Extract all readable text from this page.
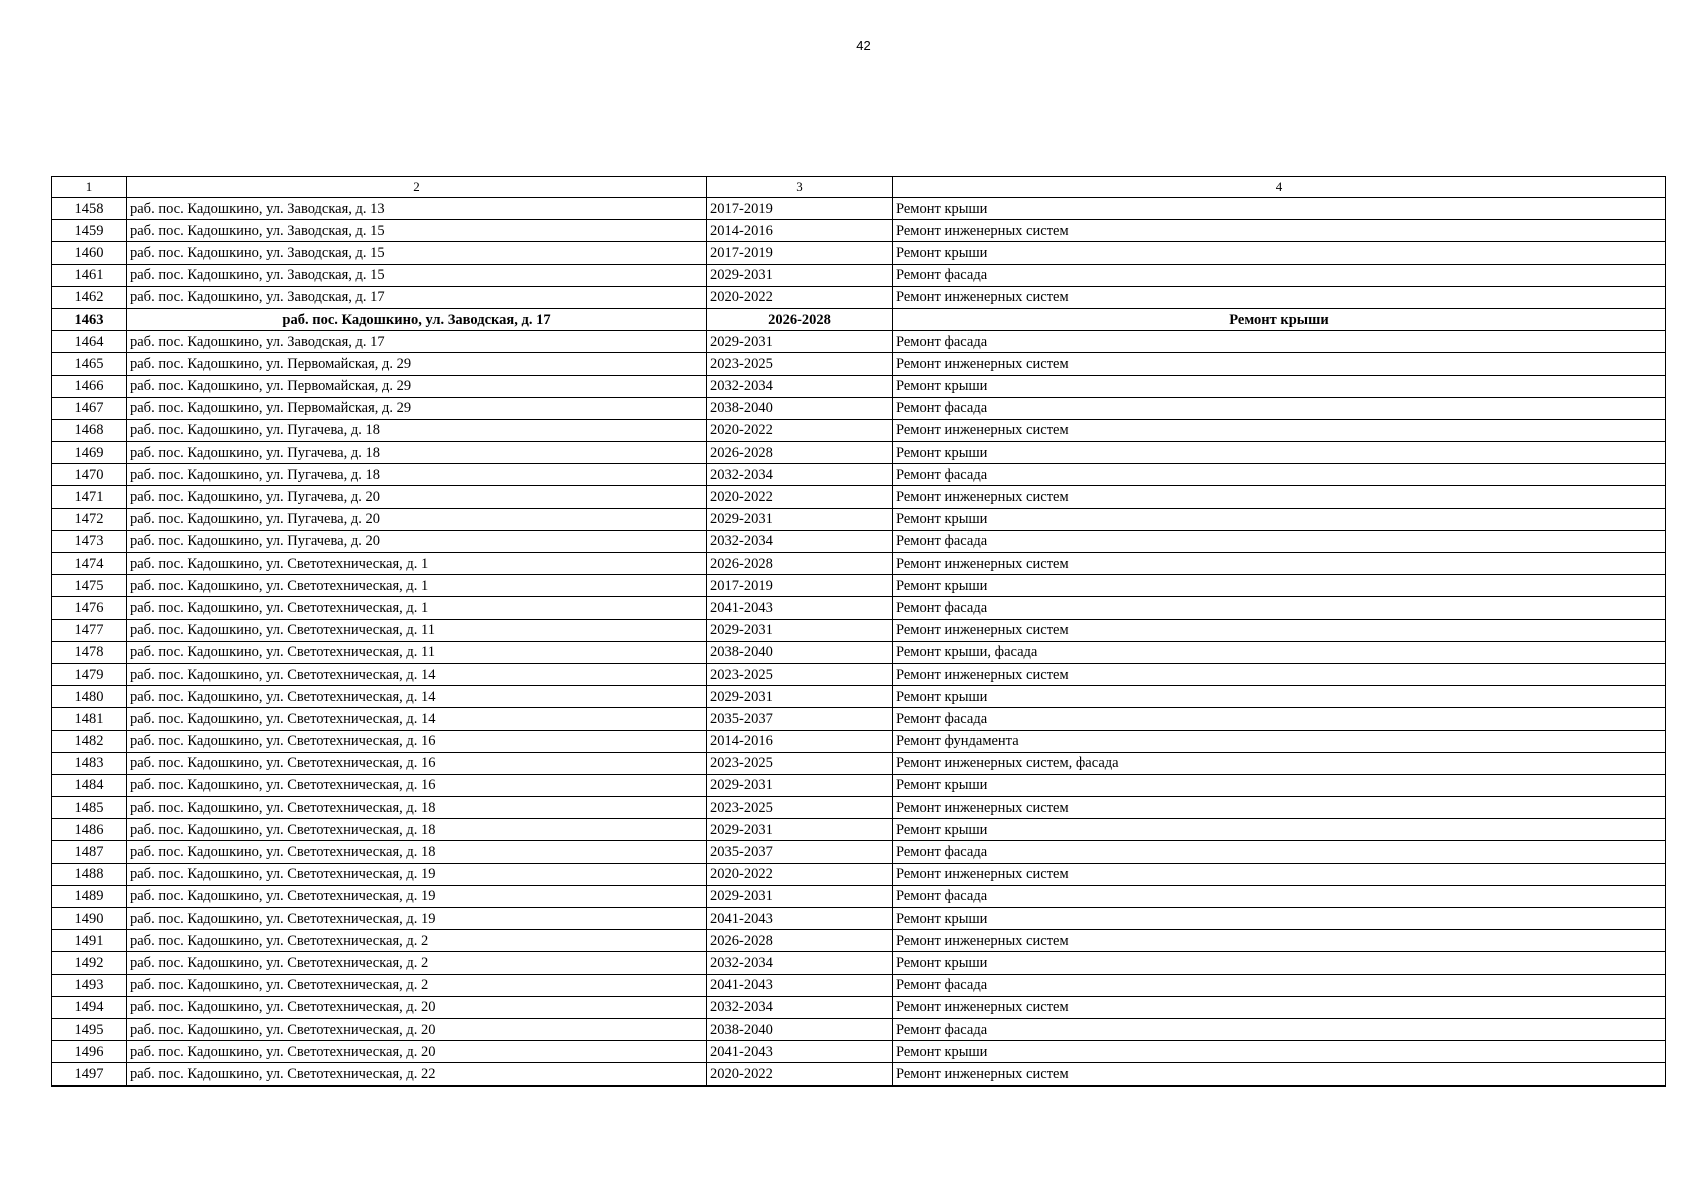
42
1	2	3	4
1458	раб. пос. Кадошкино, ул. Заводская, д. 13	2017-2019	Ремонт крыши
1459	раб. пос. Кадошкино, ул. Заводская, д. 15	2014-2016	Ремонт инженерных систем
1460	раб. пос. Кадошкино, ул. Заводская, д. 15	2017-2019	Ремонт крыши
1461	раб. пос. Кадошкино, ул. Заводская, д. 15	2029-2031	Ремонт фасада
1462	раб. пос. Кадошкино, ул. Заводская, д. 17	2020-2022	Ремонт инженерных систем
1463	раб. пос. Кадошкино, ул. Заводская, д. 17	2026-2028	Ремонт крыши
1464	раб. пос. Кадошкино, ул. Заводская, д. 17	2029-2031	Ремонт фасада
1465	раб. пос. Кадошкино, ул. Первомайская, д. 29	2023-2025	Ремонт инженерных систем
1466	раб. пос. Кадошкино, ул. Первомайская, д. 29	2032-2034	Ремонт крыши
1467	раб. пос. Кадошкино, ул. Первомайская, д. 29	2038-2040	Ремонт фасада
1468	раб. пос. Кадошкино, ул. Пугачева, д. 18	2020-2022	Ремонт инженерных систем
1469	раб. пос. Кадошкино, ул. Пугачева, д. 18	2026-2028	Ремонт крыши
1470	раб. пос. Кадошкино, ул. Пугачева, д. 18	2032-2034	Ремонт фасада
1471	раб. пос. Кадошкино, ул. Пугачева, д. 20	2020-2022	Ремонт инженерных систем
1472	раб. пос. Кадошкино, ул. Пугачева, д. 20	2029-2031	Ремонт крыши
1473	раб. пос. Кадошкино, ул. Пугачева, д. 20	2032-2034	Ремонт фасада
1474	раб. пос. Кадошкино, ул. Светотехническая, д. 1	2026-2028	Ремонт инженерных систем
1475	раб. пос. Кадошкино, ул. Светотехническая, д. 1	2017-2019	Ремонт крыши
1476	раб. пос. Кадошкино, ул. Светотехническая, д. 1	2041-2043	Ремонт фасада
1477	раб. пос. Кадошкино, ул. Светотехническая, д. 11	2029-2031	Ремонт инженерных систем
1478	раб. пос. Кадошкино, ул. Светотехническая, д. 11	2038-2040	Ремонт крыши, фасада
1479	раб. пос. Кадошкино, ул. Светотехническая, д. 14	2023-2025	Ремонт инженерных систем
1480	раб. пос. Кадошкино, ул. Светотехническая, д. 14	2029-2031	Ремонт крыши
1481	раб. пос. Кадошкино, ул. Светотехническая, д. 14	2035-2037	Ремонт фасада
1482	раб. пос. Кадошкино, ул. Светотехническая, д. 16	2014-2016	Ремонт фундамента
1483	раб. пос. Кадошкино, ул. Светотехническая, д. 16	2023-2025	Ремонт инженерных систем, фасада
1484	раб. пос. Кадошкино, ул. Светотехническая, д. 16	2029-2031	Ремонт крыши
1485	раб. пос. Кадошкино, ул. Светотехническая, д. 18	2023-2025	Ремонт инженерных систем
1486	раб. пос. Кадошкино, ул. Светотехническая, д. 18	2029-2031	Ремонт крыши
1487	раб. пос. Кадошкино, ул. Светотехническая, д. 18	2035-2037	Ремонт фасада
1488	раб. пос. Кадошкино, ул. Светотехническая, д. 19	2020-2022	Ремонт инженерных систем
1489	раб. пос. Кадошкино, ул. Светотехническая, д. 19	2029-2031	Ремонт фасада
1490	раб. пос. Кадошкино, ул. Светотехническая, д. 19	2041-2043	Ремонт крыши
1491	раб. пос. Кадошкино, ул. Светотехническая, д. 2	2026-2028	Ремонт инженерных систем
1492	раб. пос. Кадошкино, ул. Светотехническая, д. 2	2032-2034	Ремонт крыши
1493	раб. пос. Кадошкино, ул. Светотехническая, д. 2	2041-2043	Ремонт фасада
1494	раб. пос. Кадошкино, ул. Светотехническая, д. 20	2032-2034	Ремонт инженерных систем
1495	раб. пос. Кадошкино, ул. Светотехническая, д. 20	2038-2040	Ремонт фасада
1496	раб. пос. Кадошкино, ул. Светотехническая, д. 20	2041-2043	Ремонт крыши
1497	раб. пос. Кадошкино, ул. Светотехническая, д. 22	2020-2022	Ремонт инженерных систем
